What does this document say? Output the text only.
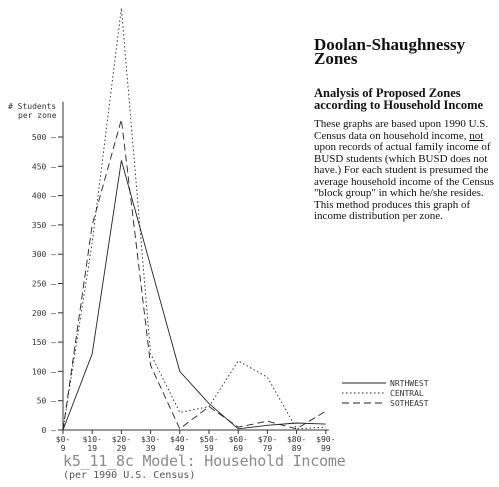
Doolan-Shaughnessy Zones
Analysis of Proposed Zones according to Household Income
These graphs are based upon 1990 U.S. Census data on household income, not upon records of actual family income of BUSD students (which BUSD does not have.) For each student is presumed the average household income of the Census "block group" in which he/she resides. This method produces this graph of income distribution per zone.
# Students
per zone
0 —
50 —
100 —
150 —
200 —
250 —
300 —
350 —
400 —
450 —
500 —
$0-
9
$10-
19
$20-
29
$30-
39
$40-
49
$50-
59
$60-
69
$70-
79
$80-
89
$90-
99
NRTHWEST
CENTRAL
SOTHEAST
k5_11_8c Model: Household Income
(per 1990 U.S. Census)
